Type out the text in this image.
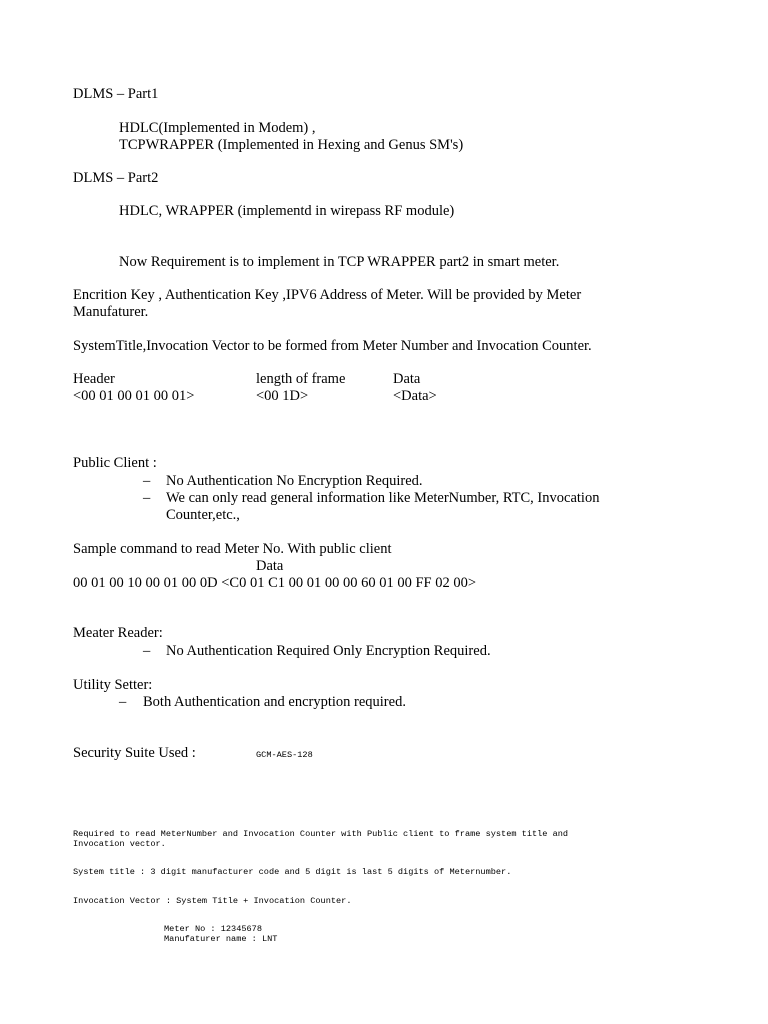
DLMS – Part1
HDLC(Implemented in Modem) ,
TCPWRAPPER (Implemented in Hexing and Genus SM's)
DLMS – Part2
HDLC, WRAPPER (implementd in wirepass RF module)
Now Requirement is to implement in TCP WRAPPER part2 in smart meter.
Encrition Key , Authentication Key ,IPV6 Address of Meter. Will be provided by Meter
Manufaturer.
SystemTitle,Invocation Vector to be formed from Meter Number and Invocation Counter.
Header	length of frame	Data
<00 01 00 01 00 01>	<00 1D>	<Data>
Public Client :
– No Authentication No Encryption Required.
– We can only read general information like MeterNumber, RTC, Invocation
Counter,etc.,
Sample command to read Meter No. With public client
Data
00 01 00 10 00 01 00 0D <C0 01 C1 00 01 00 00 60 01 00 FF 02 00>
Meater Reader:
– No Authentication Required Only Encryption Required.
Utility Setter:
– Both Authentication and encryption required.
Security Suite Used :	GCM-AES-128
Required to read MeterNumber and Invocation Counter with Public client to frame system title and
Invocation vector.
System title : 3 digit manufacturer code and 5 digit is last 5 digits of Meternumber.
Invocation Vector : System Title + Invocation Counter.
Meter No : 12345678
Manufaturer name : LNT
